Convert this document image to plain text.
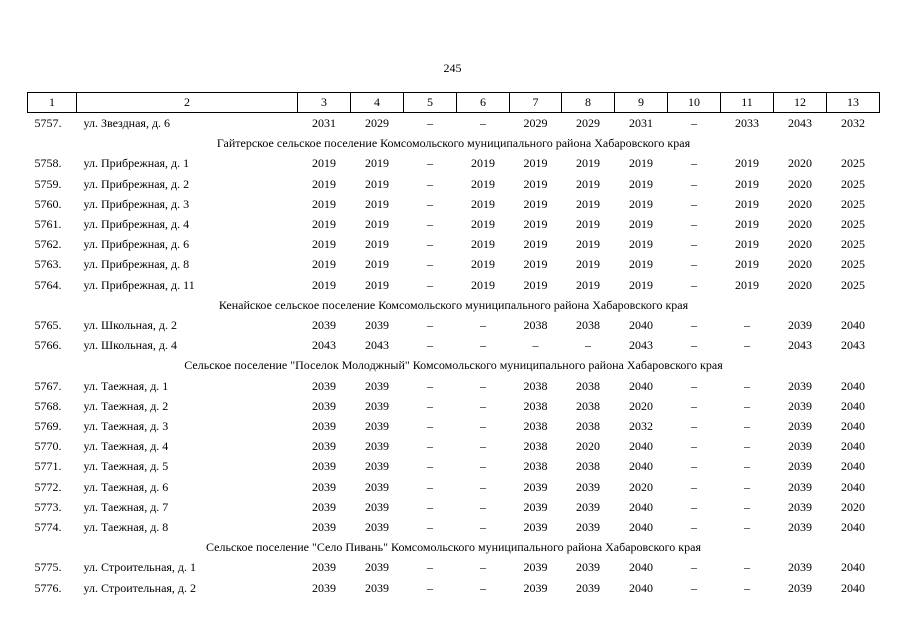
245
1	2	3	4	5	6	7	8	9	10	11	12	13
5757.	ул. Звездная, д. 6	2031	2029	–	–	2029	2029	2031	–	2033	2043	2032
Гайтерское сельское поселение Комсомольского муниципального района Хабаровского края												
5758.	ул. Прибрежная, д. 1	2019	2019	–	2019	2019	2019	2019	–	2019	2020	2025
5759.	ул. Прибрежная, д. 2	2019	2019	–	2019	2019	2019	2019	–	2019	2020	2025
5760.	ул. Прибрежная, д. 3	2019	2019	–	2019	2019	2019	2019	–	2019	2020	2025
5761.	ул. Прибрежная, д. 4	2019	2019	–	2019	2019	2019	2019	–	2019	2020	2025
5762.	ул. Прибрежная, д. 6	2019	2019	–	2019	2019	2019	2019	–	2019	2020	2025
5763.	ул. Прибрежная, д. 8	2019	2019	–	2019	2019	2019	2019	–	2019	2020	2025
5764.	ул. Прибрежная, д. 11	2019	2019	–	2019	2019	2019	2019	–	2019	2020	2025
Кенайское сельское поселение Комсомольского муниципального района Хабаровского края												
5765.	ул. Школьная, д. 2	2039	2039	–	–	2038	2038	2040	–	–	2039	2040
5766.	ул. Школьная, д. 4	2043	2043	–	–	–	–	2043	–	–	2043	2043
Сельское поселение "Поселок Молоджный" Комсомольского муниципального района Хабаровского края												
5767.	ул. Таежная, д. 1	2039	2039	–	–	2038	2038	2040	–	–	2039	2040
5768.	ул. Таежная, д. 2	2039	2039	–	–	2038	2038	2020	–	–	2039	2040
5769.	ул. Таежная, д. 3	2039	2039	–	–	2038	2038	2032	–	–	2039	2040
5770.	ул. Таежная, д. 4	2039	2039	–	–	2038	2020	2040	–	–	2039	2040
5771.	ул. Таежная, д. 5	2039	2039	–	–	2038	2038	2040	–	–	2039	2040
5772.	ул. Таежная, д. 6	2039	2039	–	–	2039	2039	2020	–	–	2039	2040
5773.	ул. Таежная, д. 7	2039	2039	–	–	2039	2039	2040	–	–	2039	2020
5774.	ул. Таежная, д. 8	2039	2039	–	–	2039	2039	2040	–	–	2039	2040
Сельское поселение "Село Пивань" Комсомольского муниципального района Хабаровского края												
5775.	ул. Строительная, д. 1	2039	2039	–	–	2039	2039	2040	–	–	2039	2040
5776.	ул. Строительная, д. 2	2039	2039	–	–	2039	2039	2040	–	–	2039	2040
